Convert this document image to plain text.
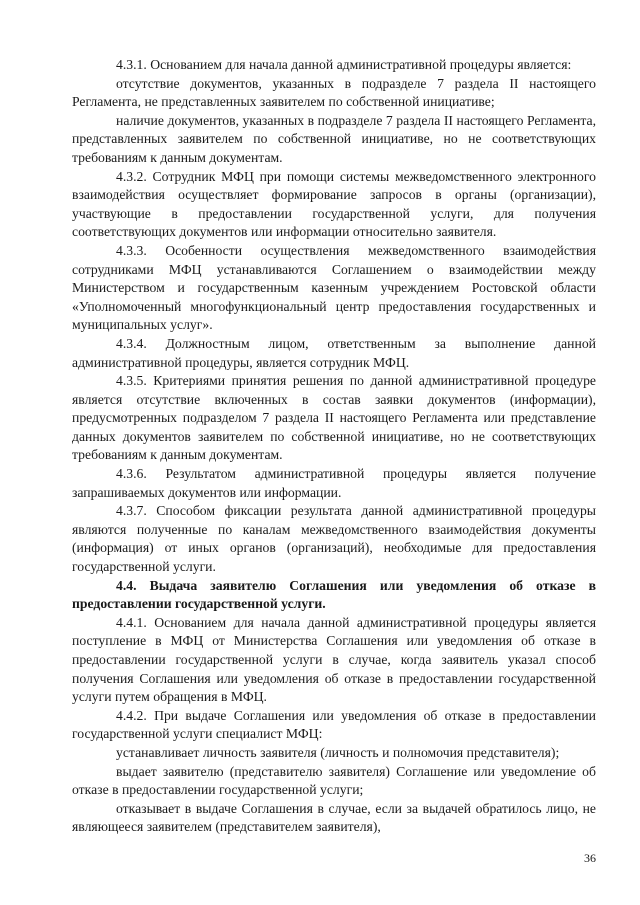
4.3.1. Основанием для начала данной административной процедуры является:

отсутствие документов, указанных в подразделе 7 раздела II настоящего Регламента, не представленных заявителем по собственной инициативе;

наличие документов, указанных в подразделе 7 раздела II настоящего Регламента, представленных заявителем по собственной инициативе, но не соответствующих требованиям к данным документам.

4.3.2. Сотрудник МФЦ при помощи системы межведомственного электронного взаимодействия осуществляет формирование запросов в органы (организации), участвующие в предоставлении государственной услуги, для получения соответствующих документов или информации относительно заявителя.

4.3.3. Особенности осуществления межведомственного взаимодействия сотрудниками МФЦ устанавливаются Соглашением о взаимодействии между Министерством и государственным казенным учреждением Ростовской области «Уполномоченный многофункциональный центр предоставления государственных и муниципальных услуг».

4.3.4. Должностным лицом, ответственным за выполнение данной административной процедуры, является сотрудник МФЦ.

4.3.5. Критериями принятия решения по данной административной процедуре является отсутствие включенных в состав заявки документов (информации), предусмотренных подразделом 7 раздела II настоящего Регламента или представление данных документов заявителем по собственной инициативе, но не соответствующих требованиям к данным документам.

4.3.6. Результатом административной процедуры является получение запрашиваемых документов или информации.

4.3.7. Способом фиксации результата данной административной процедуры являются полученные по каналам межведомственного взаимодействия документы (информация) от иных органов (организаций), необходимые для предоставления государственной услуги.

4.4. Выдача заявителю Соглашения или уведомления об отказе в предоставлении государственной услуги.

4.4.1. Основанием для начала данной административной процедуры является поступление в МФЦ от Министерства Соглашения или уведомления об отказе в предоставлении государственной услуги в случае, когда заявитель указал способ получения Соглашения или уведомления об отказе в предоставлении государственной услуги путем обращения в МФЦ.

4.4.2. При выдаче Соглашения или уведомления об отказе в предоставлении государственной услуги специалист МФЦ:

устанавливает личность заявителя (личность и полномочия представителя);

выдает заявителю (представителю заявителя) Соглашение или уведомление об отказе в предоставлении государственной услуги;

отказывает в выдаче Соглашения в случае, если за выдачей обратилось лицо, не являющееся заявителем (представителем заявителя),

36
